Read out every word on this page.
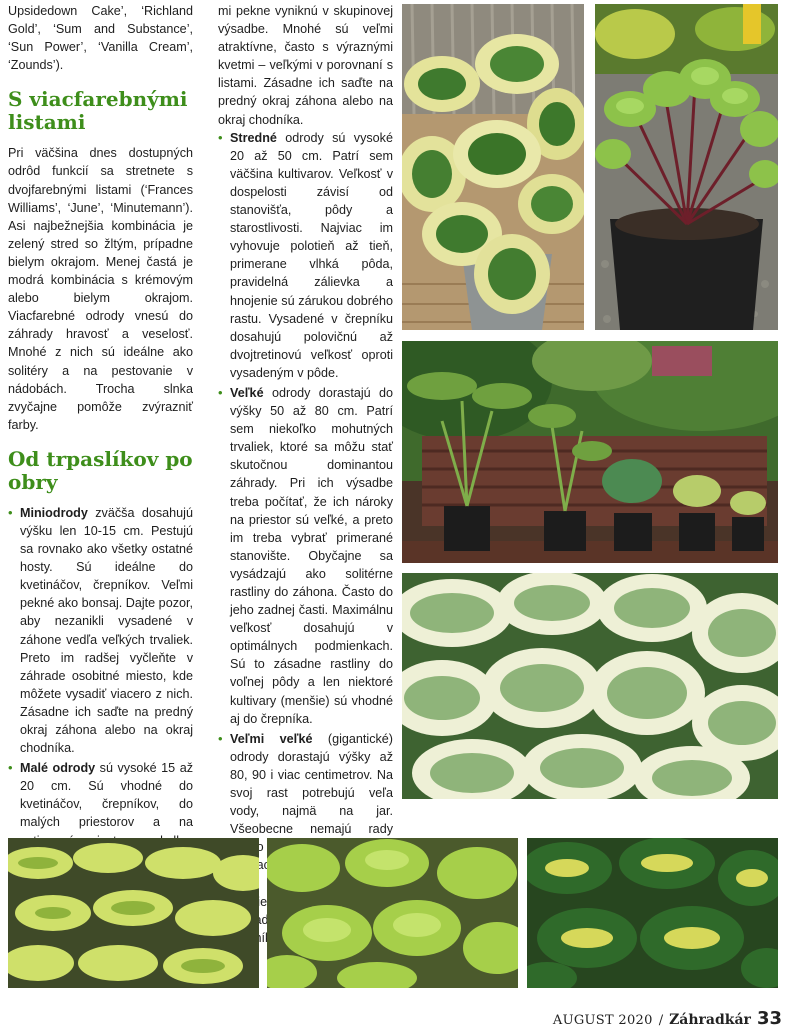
Upsidedown Cake’, ‘Richland Gold’, ‘Sum and Substance’, ‘Sun Power’, ‘Vanilla Cream’, ‘Zounds’).

S viacfarebnými listami

Pri väčšina dnes dostupných odrôd funkcií sa stretnete s dvojfarebnými listami (‘Frances Williams’, ‘June’, ‘Minutemann’). Asi najbežnejšia kombinácia je zelený stred so žltým, prípadne bielym okrajom. Menej častá je modrá kombinácia s krémovým alebo bielym okrajom. Viacfarebné odrody vnesú do záhrady hravosť a veselosť. Mnohé z nich sú ideálne ako solitéry a na pestovanie v nádobách. Trocha slnka zvyčajne pomôže zvýrazniť farby.

Od trpaslíkov po obry
• Miniodrody zväčša dosahujú výšku len 10-15 cm. Pestujú sa rovnako ako všetky ostatné hosty. Sú ideálne do kvetináčov, črepníkov. Veľmi pekné ako bonsaj. Dajte pozor, aby nezanikli vysadené v záhone vedľa veľkých trvaliek. Preto im radšej vyčleňte v záhrade osobitné miesto, kde môžete vysadiť viacero z nich. Zásadne ich saďte na predný okraj záhona alebo na okraj chodníka.
• Malé odrody sú vysoké 15 až 20 cm. Sú vhodné do kvetináčov, črepníkov, do malých priestorov a na

mi pekne vyniknú v skupinovej výsadbe. Mnohé sú veľmi atraktívne, často s výraznými kvetmi – veľkými v porovnaní s listami. Zásadne ich saďte na predný okraj záhona alebo na okraj chodníka.

• Stredné odrody sú vysoké 20 až 50 cm. Patrí sem väčšina kultivarov. Veľkosť v dospelosti závisí od stanovišťa, pôdy a starostlivosti. Najviac im vyhovuje polotieň až tieň, primerane vlhká pôda, pravidelná zálievka a hnojenie sú zárukou dobrého rastu. Vysadené v črepníku dosahujú polovičnú až dvojtretinovú veľkosť oproti vysadeným v pôde.
• Veľké odrody dorastajú do výšky 50 až 80 cm. Patrí sem niekoľko mohutných trvaliek, ktoré sa môžu stať skutočnou dominantou záhrady. Pri ich výsadbe treba počítať, že ich nároky na priestor sú veľké, a preto im treba vybrať primerané stanovište. Obyčajne sa vysádzajú ako solitérne rastliny do záhona. Často do jeho zadnej časti. Maximálnu veľkosť dosahujú v optimálnych podmienkach. Sú to zásadne rastliny do voľnej pôdy a len niektoré kultivary (menšie) sú vhodné aj do črepníka.
• Veľmi veľké (gigantické) odrody dorastajú výšky až 80, 90 i viac centimetrov. Na svoj rast potrebujú veľa vody, najmä na jar. Všeobecne nemajú rady mesiacoch.
AUGUST 2020 / Záhradkár 33
